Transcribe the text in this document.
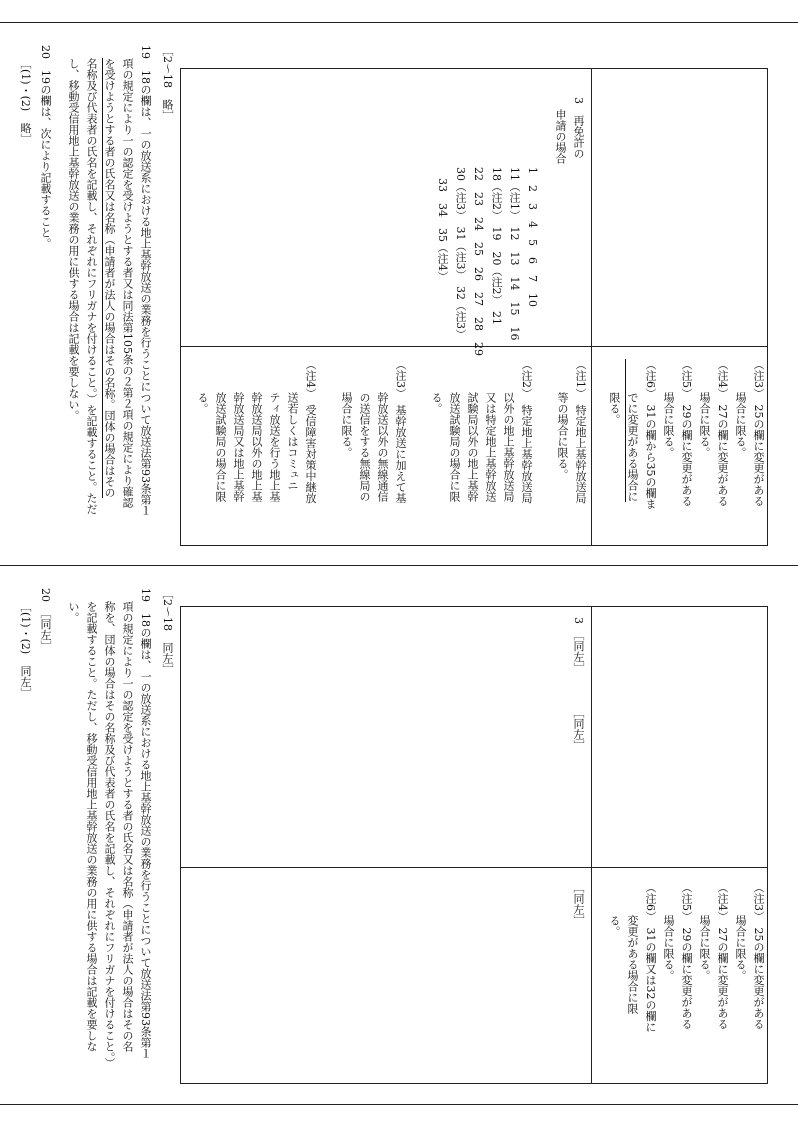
［2～18　略］

19　18の欄は、一の放送系における地上基幹放送の業務を行うことについて放送法第93条第１

項の規定により一の認定を受けようとする者又は同法第105条の２第２項の規定により確認

を受けようとする者の氏名又は名称（申請者が法人の場合はその名称。団体の場合はその

名称及び代表者の氏名を記載し、それぞれにフリガナを付けること。）を記載すること。ただ

し、移動受信用地上基幹放送の業務の用に供する場合は記載を要しない。

20　19の欄は、次により記載すること。

［(1)・(2)　略］	3　再免許の

申請の場合

1　2　3　4　5　6　7　10

11（注1）　12　13　14　15　16

18（注2）　19　20（注2）　21

22　23　24　25　26　27　28　29

30（注3）　31（注3）　32（注3）

　33　34　35（注4）

（注3）　25の欄に変更がある

　　　場合に限る。

（注4）　27の欄に変更がある

　　　場合に限る。

（注5）　29の欄に変更がある

　　　場合に限る。

（注6）　31の欄から35の欄ま

　　　でに変更がある場合に

　　　限る。

（注1）　特定地上基幹放送局

　　　等の場合に限る。

（注2）　特定地上基幹放送局

　　　以外の地上基幹放送局

　　　又は特定地上基幹放送

　　　試験局以外の地上基幹

　　　放送試験局の場合に限

　　　る。

（注3）　基幹放送に加えて基

　　　幹放送以外の無線通信

　　　の送信をする無線局の

　　　場合に限る。

（注4）　受信障害対策中継放

　　　送若しくはコミュニ

　　　ティ放送を行う地上基

　　　幹放送局以外の地上基

　　　幹放送局又は地上基幹

　　　放送試験局の場合に限

　　　る。

［2～18　同左］

19　18の欄は、一の放送系における地上基幹放送の業務を行うことについて放送法第93条第１

項の規定により一の認定を受けようとする者の氏名又は名称（申請者が法人の場合はその名

称を、団体の場合はその名称及び代表者の氏名を記載し、それぞれにフリガナを付けること。）

を記載すること。ただし、移動受信用地上基幹放送の業務の用に供する場合は記載を要しな

い。

20　［同左］

［(1)・(2)　同左］	3　［同左］

［同左］

（注3）　25の欄に変更がある

　　　場合に限る。

（注4）　27の欄に変更がある

　　　場合に限る。

（注5）　29の欄に変更がある

　　　場合に限る。

（注6）　31の欄又は32の欄に

　　　変更がある場合に限

　　　る。

［同左］
